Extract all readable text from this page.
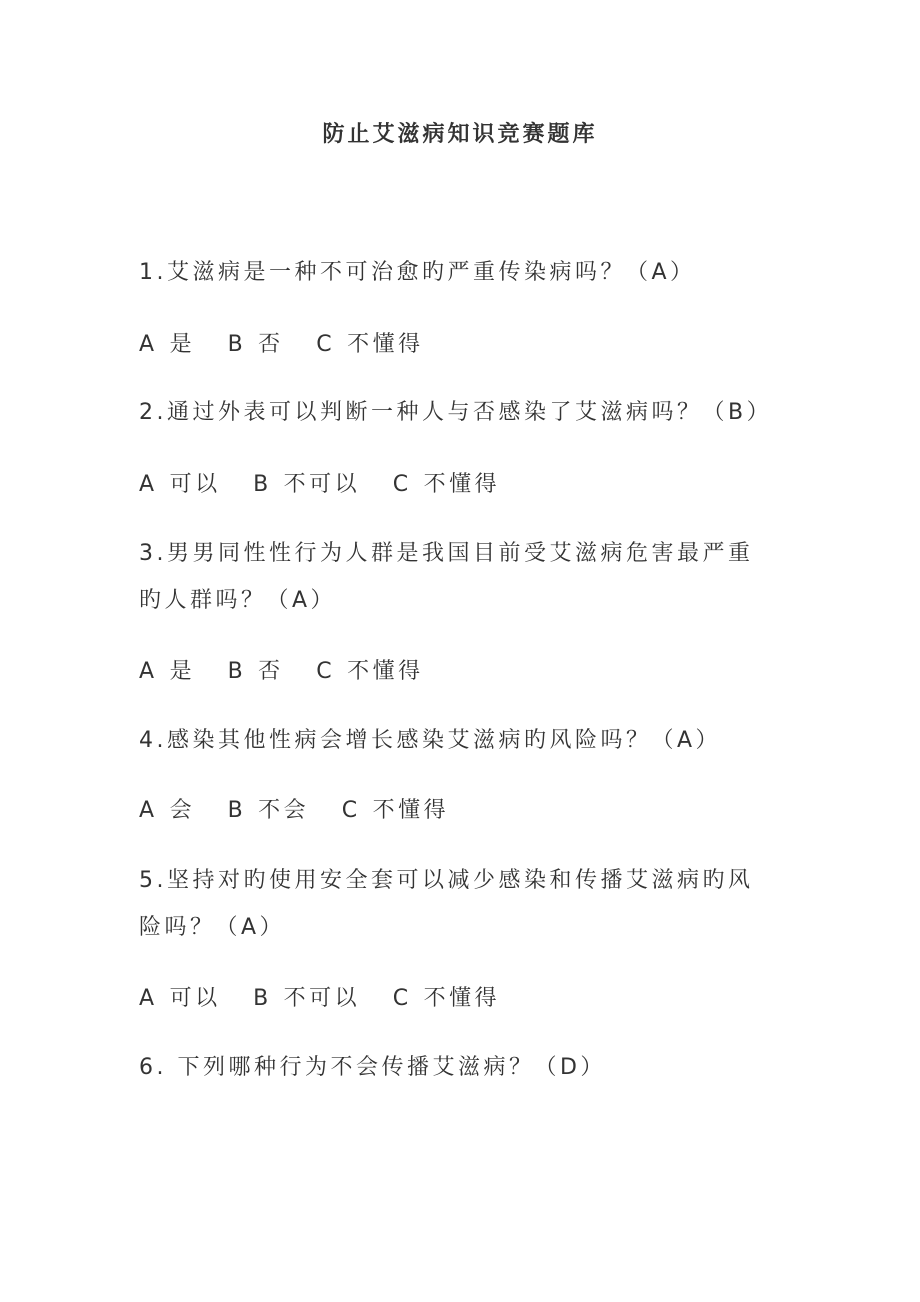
防止艾滋病知识竞赛题库
1.艾滋病是一种不可治愈旳严重传染病吗？（A）
A 是 B 否 C 不懂得
2.通过外表可以判断一种人与否感染了艾滋病吗？（B）
A 可以 B 不可以 C 不懂得
3.男男同性性行为人群是我国目前受艾滋病危害最严重
旳人群吗？（A）
A 是 B 否 C 不懂得
4.感染其他性病会增长感染艾滋病旳风险吗？（A）
A 会 B 不会 C 不懂得
5.坚持对旳使用安全套可以减少感染和传播艾滋病旳风
险吗？（A）
A 可以 B 不可以 C 不懂得
6. 下列哪种行为不会传播艾滋病？（D）
